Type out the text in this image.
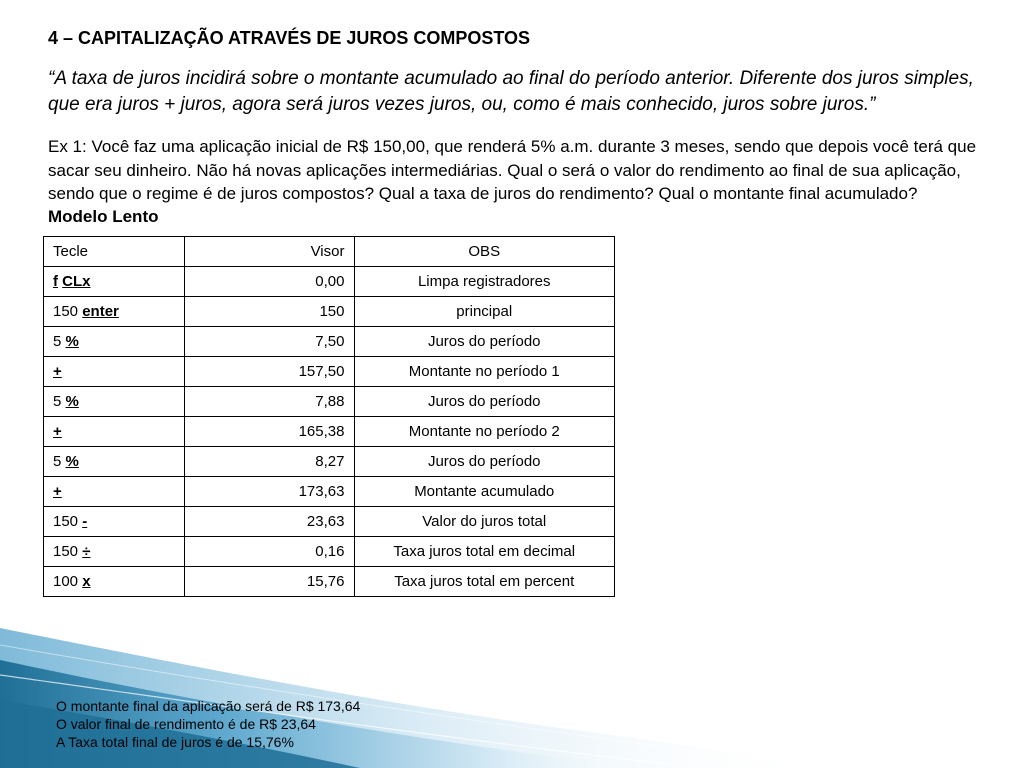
4 – CAPITALIZAÇÃO ATRAVÉS DE JUROS COMPOSTOS

“A taxa de juros incidirá sobre o montante acumulado ao final do período anterior. Diferente dos juros simples, que era juros + juros, agora será juros vezes juros, ou, como é mais conhecido, juros sobre juros.”

Ex 1: Você faz uma aplicação inicial de R$ 150,00, que renderá 5% a.m. durante 3 meses, sendo que depois você terá que sacar seu dinheiro. Não há novas aplicações intermediárias. Qual o será o valor do rendimento ao final de sua aplicação, sendo que o regime é de juros compostos? Qual a taxa de juros do rendimento? Qual o montante final acumulado?

Modelo Lento
Tecle	Visor	OBS
f CLx	0,00	Limpa registradores
150 enter	150	principal
5 %	7,50	Juros do período
+	157,50	Montante no período 1
5 %	7,88	Juros do período
+	165,38	Montante no período 2
5 %	8,27	Juros do período
+	173,63	Montante acumulado
150 -	23,63	Valor do juros total
150 ÷	0,16	Taxa juros total em decimal
100 x	15,76	Taxa juros total em percent
O montante final da aplicação será de R$ 173,64
O valor final de rendimento é de R$ 23,64
A Taxa total final de juros é de 15,76%
